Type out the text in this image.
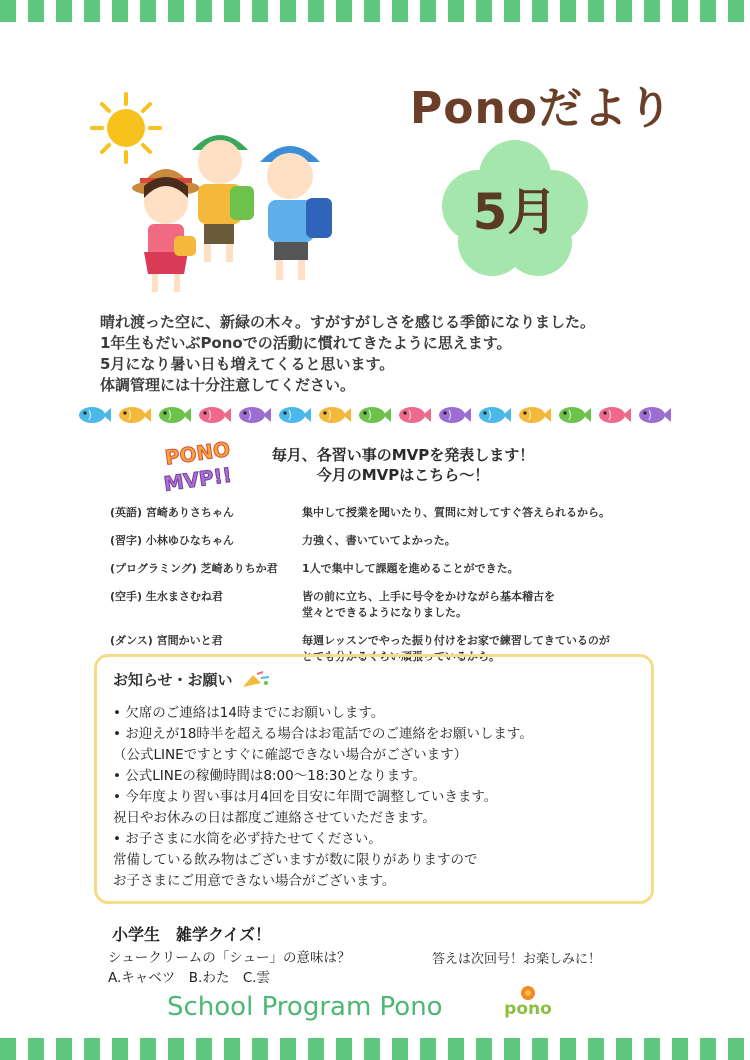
Ponoだより
5月
晴れ渡った空に、新緑の木々。すがすがしさを感じる季節になりました。
1年生もだいぶPonoでの活動に慣れてきたように思えます。
5月になり暑い日も増えてくると思います。
体調管理には十分注意してください。
PONO
MVP!!
毎月、各習い事のMVPを発表します！
今月のMVPはこちら～！
(英語) 宮崎ありさちゃん	集中して授業を聞いたり、質問に対してすぐ答えられるから。
(習字) 小林ゆひなちゃん	力強く、書いていてよかった。
(プログラミング) 芝崎ありちか君	1人で集中して課題を進めることができた。
(空手) 生水まさむね君	皆の前に立ち、上手に号令をかけながら基本稽古を
堂々とできるようになりました。
(ダンス) 宮間かいと君	毎週レッスンでやった振り付けをお家で練習してきているのが
とても分かるくらい頑張っているから。
お知らせ・お願い
• 欠席のご連絡は14時までにお願いします。
• お迎えが18時半を超える場合はお電話でのご連絡をお願いします。
（公式LINEですとすぐに確認できない場合がございます）
• 公式LINEの稼働時間は8:00～18:30となります。
• 今年度より習い事は月4回を目安に年間で調整していきます。
祝日やお休みの日は都度ご連絡させていただきます。
• お子さまに水筒を必ず持たせてください。
常備している飲み物はございますが数に限りがありますので
お子さまにご用意できない場合がございます。
小学生　雑学クイズ！
シュークリームの「シュー」の意味は？
A.キャベツ　B.わた　C.雲
答えは次回号！お楽しみに！
School Program Pono	pono
